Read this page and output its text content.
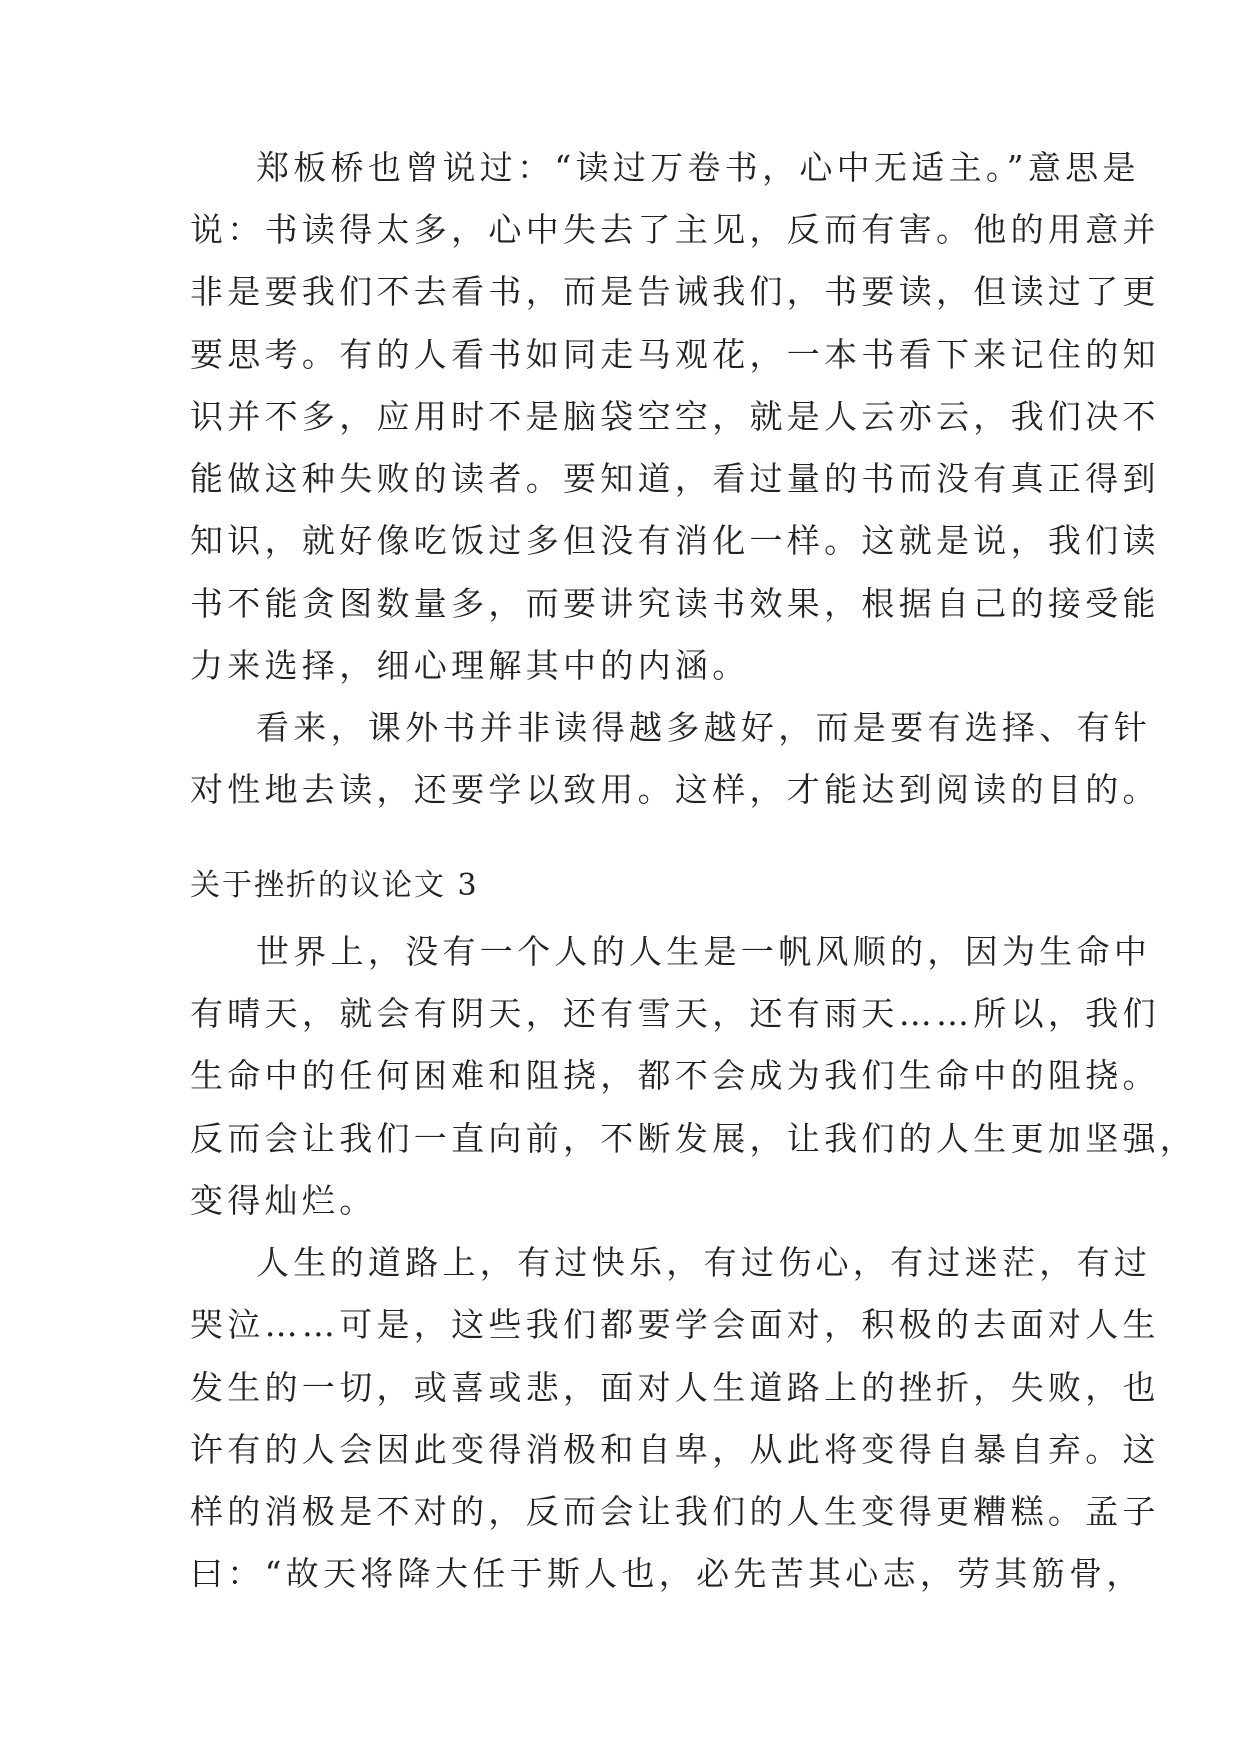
郑板桥也曾说过：“读过万卷书，心中无适主。”意思是

说：书读得太多，心中失去了主见，反而有害。他的用意并

非是要我们不去看书，而是告诫我们，书要读，但读过了更

要思考。有的人看书如同走马观花，一本书看下来记住的知

识并不多，应用时不是脑袋空空，就是人云亦云，我们决不

能做这种失败的读者。要知道，看过量的书而没有真正得到

知识，就好像吃饭过多但没有消化一样。这就是说，我们读

书不能贪图数量多，而要讲究读书效果，根据自己的接受能

力来选择，细心理解其中的内涵。

看来，课外书并非读得越多越好，而是要有选择、有针

对性地去读，还要学以致用。这样，才能达到阅读的目的。

关于挫折的议论文 3

世界上，没有一个人的人生是一帆风顺的，因为生命中

有晴天，就会有阴天，还有雪天，还有雨天……所以，我们

生命中的任何困难和阻挠，都不会成为我们生命中的阻挠。

反而会让我们一直向前，不断发展，让我们的人生更加坚强，

变得灿烂。

人生的道路上，有过快乐，有过伤心，有过迷茫，有过

哭泣……可是，这些我们都要学会面对，积极的去面对人生

发生的一切，或喜或悲，面对人生道路上的挫折，失败，也

许有的人会因此变得消极和自卑，从此将变得自暴自弃。这

样的消极是不对的，反而会让我们的人生变得更糟糕。孟子

曰：“故天将降大任于斯人也，必先苦其心志，劳其筋骨，
